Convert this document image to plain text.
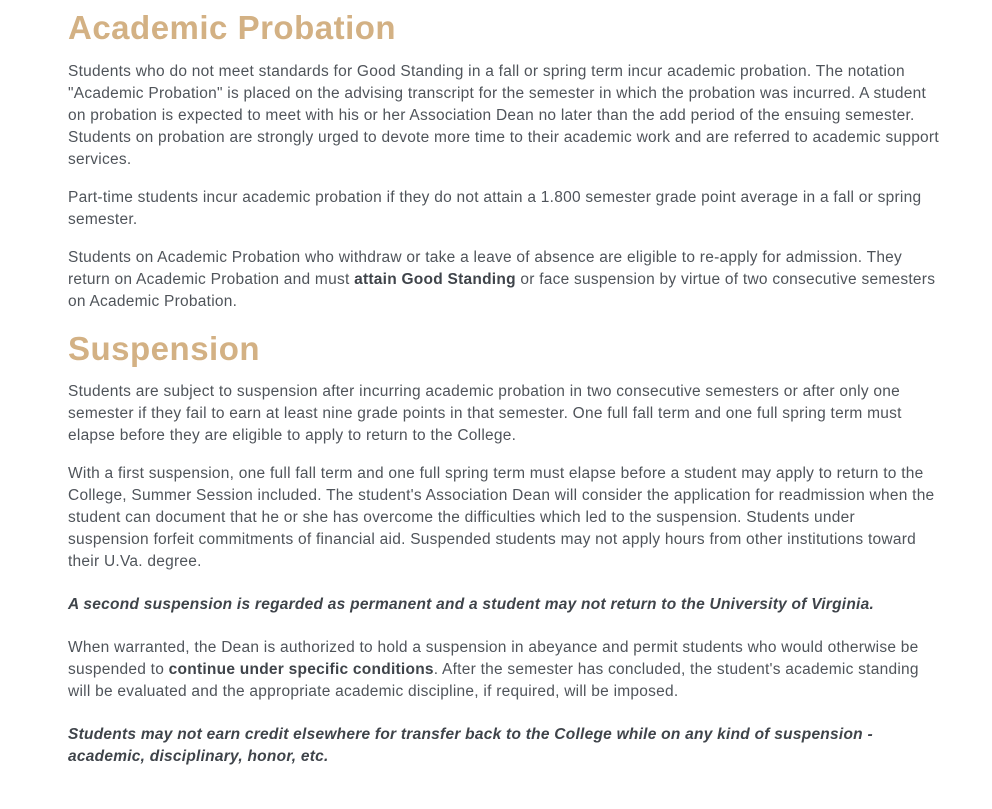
Academic Probation

Students who do not meet standards for Good Standing in a fall or spring term incur academic probation. The notation "Academic Probation" is placed on the advising transcript for the semester in which the probation was incurred. A student on probation is expected to meet with his or her Association Dean no later than the add period of the ensuing semester. Students on probation are strongly urged to devote more time to their academic work and are referred to academic support services.

Part-time students incur academic probation if they do not attain a 1.800 semester grade point average in a fall or spring semester.

Students on Academic Probation who withdraw or take a leave of absence are eligible to re-apply for admission. They return on Academic Probation and must attain Good Standing or face suspension by virtue of two consecutive semesters on Academic Probation.

Suspension

Students are subject to suspension after incurring academic probation in two consecutive semesters or after only one semester if they fail to earn at least nine grade points in that semester. One full fall term and one full spring term must elapse before they are eligible to apply to return to the College.

With a first suspension, one full fall term and one full spring term must elapse before a student may apply to return to the College, Summer Session included. The student's Association Dean will consider the application for readmission when the student can document that he or she has overcome the difficulties which led to the suspension. Students under suspension forfeit commitments of financial aid. Suspended students may not apply hours from other institutions toward their U.Va. degree.

A second suspension is regarded as permanent and a student may not return to the University of Virginia.

When warranted, the Dean is authorized to hold a suspension in abeyance and permit students who would otherwise be suspended to continue under specific conditions. After the semester has concluded, the student's academic standing will be evaluated and the appropriate academic discipline, if required, will be imposed.

Students may not earn credit elsewhere for transfer back to the College while on any kind of suspension - academic, disciplinary, honor, etc.
